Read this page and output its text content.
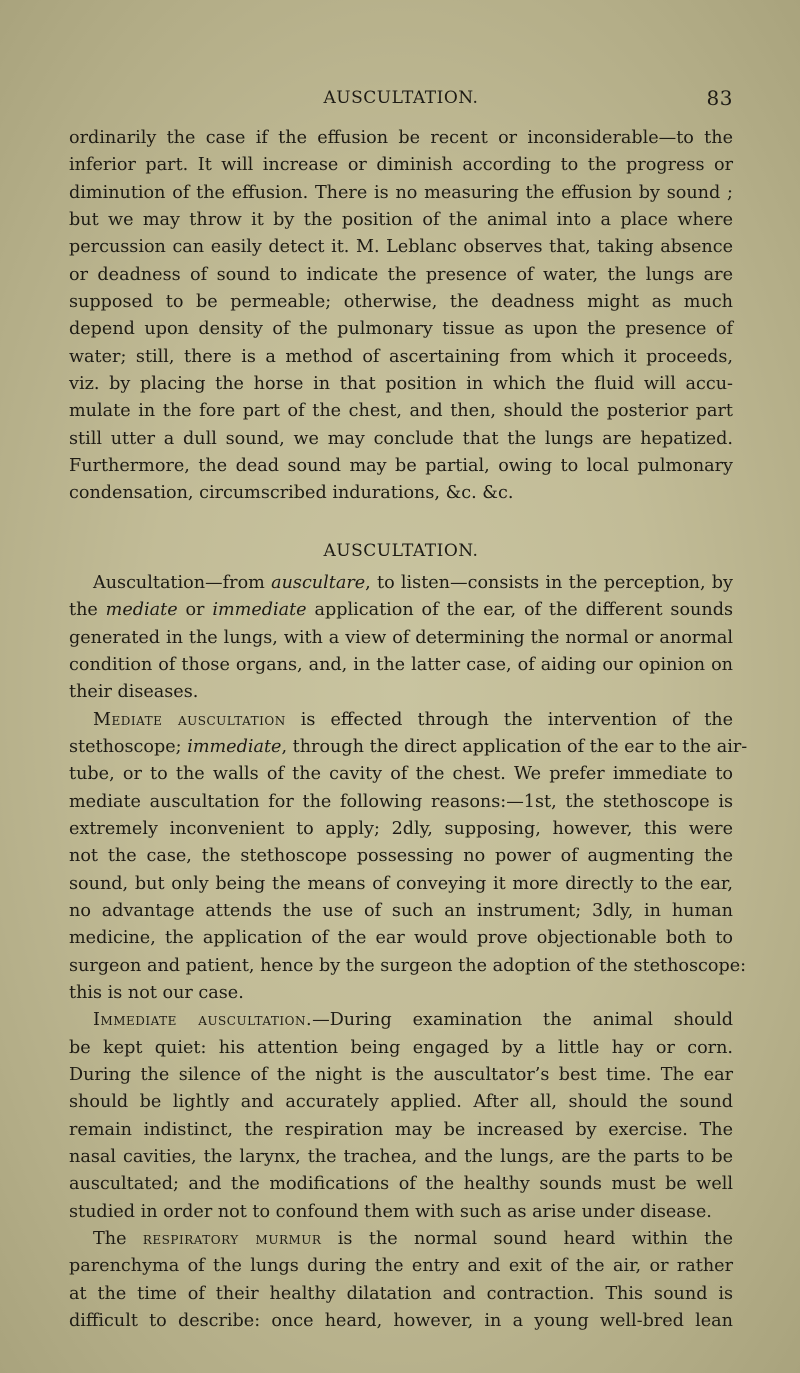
AUSCULTATION.	83
ordinarily the case if the effusion be recent or inconsiderable—to the
inferior part. It will increase or diminish according to the progress or
diminution of the effusion. There is no measuring the effusion by sound ;
but we may throw it by the position of the animal into a place where
percussion can easily detect it. M. Leblanc observes that, taking absence
or deadness of sound to indicate the presence of water, the lungs are
supposed to be permeable; otherwise, the deadness might as much
depend upon density of the pulmonary tissue as upon the presence of
water; still, there is a method of ascertaining from which it proceeds,
viz. by placing the horse in that position in which the fluid will accu-
mulate in the fore part of the chest, and then, should the posterior part
still utter a dull sound, we may conclude that the lungs are hepatized.
Furthermore, the dead sound may be partial, owing to local pulmonary
condensation, circumscribed indurations, &c. &c.
AUSCULTATION.
Auscultation—from auscultare, to listen—consists in the perception, by
the mediate or immediate application of the ear, of the different sounds
generated in the lungs, with a view of determining the normal or anormal
condition of those organs, and, in the latter case, of aiding our opinion on
their diseases.
Mediate auscultation is effected through the intervention of the
stethoscope; immediate, through the direct application of the ear to the air-
tube, or to the walls of the cavity of the chest. We prefer immediate to
mediate auscultation for the following reasons:—1st, the stethoscope is
extremely inconvenient to apply; 2dly, supposing, however, this were
not the case, the stethoscope possessing no power of augmenting the
sound, but only being the means of conveying it more directly to the ear,
no advantage attends the use of such an instrument; 3dly, in human
medicine, the application of the ear would prove objectionable both to
surgeon and patient, hence by the surgeon the adoption of the stethoscope:
this is not our case.
Immediate auscultation.—During examination the animal should
be kept quiet: his attention being engaged by a little hay or corn.
During the silence of the night is the auscultator’s best time. The ear
should be lightly and accurately applied. After all, should the sound
remain indistinct, the respiration may be increased by exercise. The
nasal cavities, the larynx, the trachea, and the lungs, are the parts to be
auscultated; and the modifications of the healthy sounds must be well
studied in order not to confound them with such as arise under disease.
The respiratory murmur is the normal sound heard within the
parenchyma of the lungs during the entry and exit of the air, or rather
at the time of their healthy dilatation and contraction. This sound is
difficult to describe: once heard, however, in a young well-bred lean
